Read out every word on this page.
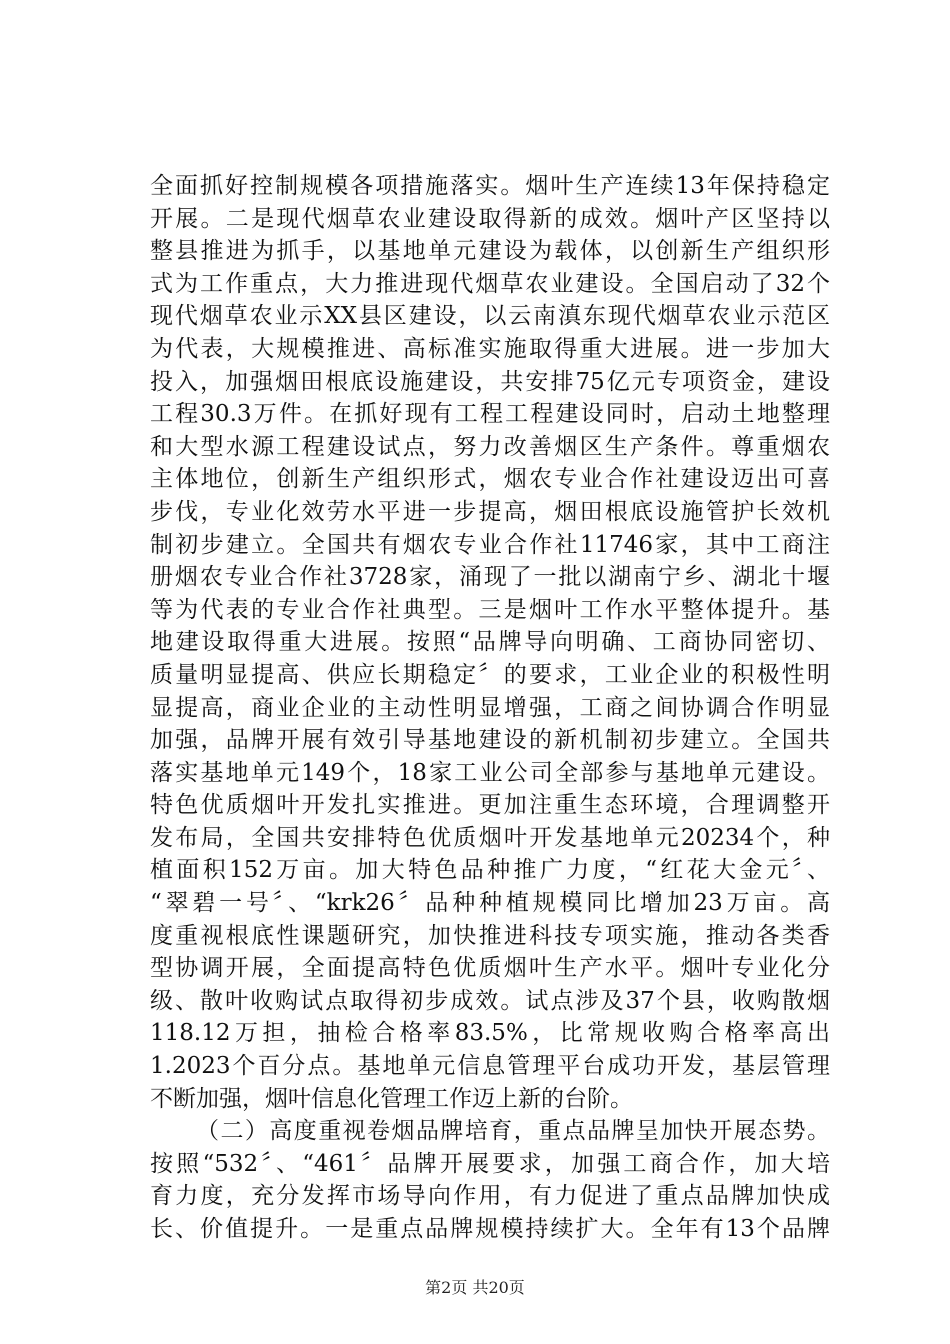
全面抓好控制规模各项措施落实。烟叶生产连续13年保持稳定
开展。二是现代烟草农业建设取得新的成效。烟叶产区坚持以
整县推进为抓手，以基地单元建设为载体，以创新生产组织形
式为工作重点，大力推进现代烟草农业建设。全国启动了32个
现代烟草农业示XX县区建设，以云南滇东现代烟草农业示范区
为代表，大规模推进、高标准实施取得重大进展。进一步加大
投入，加强烟田根底设施建设，共安排75亿元专项资金，建设
工程30.3万件。在抓好现有工程工程建设同时，启动土地整理
和大型水源工程建设试点，努力改善烟区生产条件。尊重烟农
主体地位，创新生产组织形式，烟农专业合作社建设迈出可喜
步伐，专业化效劳水平进一步提高，烟田根底设施管护长效机
制初步建立。全国共有烟农专业合作社11746家，其中工商注
册烟农专业合作社3728家，涌现了一批以湖南宁乡、湖北十堰
等为代表的专业合作社典型。三是烟叶工作水平整体提升。基
地建设取得重大进展。按照“品牌导向明确、工商协同密切、
质量明显提高、供应长期稳定〞的要求，工业企业的积极性明
显提高，商业企业的主动性明显增强，工商之间协调合作明显
加强，品牌开展有效引导基地建设的新机制初步建立。全国共
落实基地单元149个，18家工业公司全部参与基地单元建设。
特色优质烟叶开发扎实推进。更加注重生态环境，合理调整开
发布局，全国共安排特色优质烟叶开发基地单元20234个，种
植面积152万亩。加大特色品种推广力度，“红花大金元〞、
“翠碧一号〞、“krk26〞品种种植规模同比增加23万亩。高
度重视根底性课题研究，加快推进科技专项实施，推动各类香
型协调开展，全面提高特色优质烟叶生产水平。烟叶专业化分
级、散叶收购试点取得初步成效。试点涉及37个县，收购散烟
118.12万担，抽检合格率83.5%，比常规收购合格率高出
1.2023个百分点。基地单元信息管理平台成功开发，基层管理
不断加强，烟叶信息化管理工作迈上新的台阶。
（二）高度重视卷烟品牌培育，重点品牌呈加快开展态势。
按照“532〞、“461〞品牌开展要求，加强工商合作，加大培
育力度，充分发挥市场导向作用，有力促进了重点品牌加快成
长、价值提升。一是重点品牌规模持续扩大。全年有13个品牌
第2页 共20页
